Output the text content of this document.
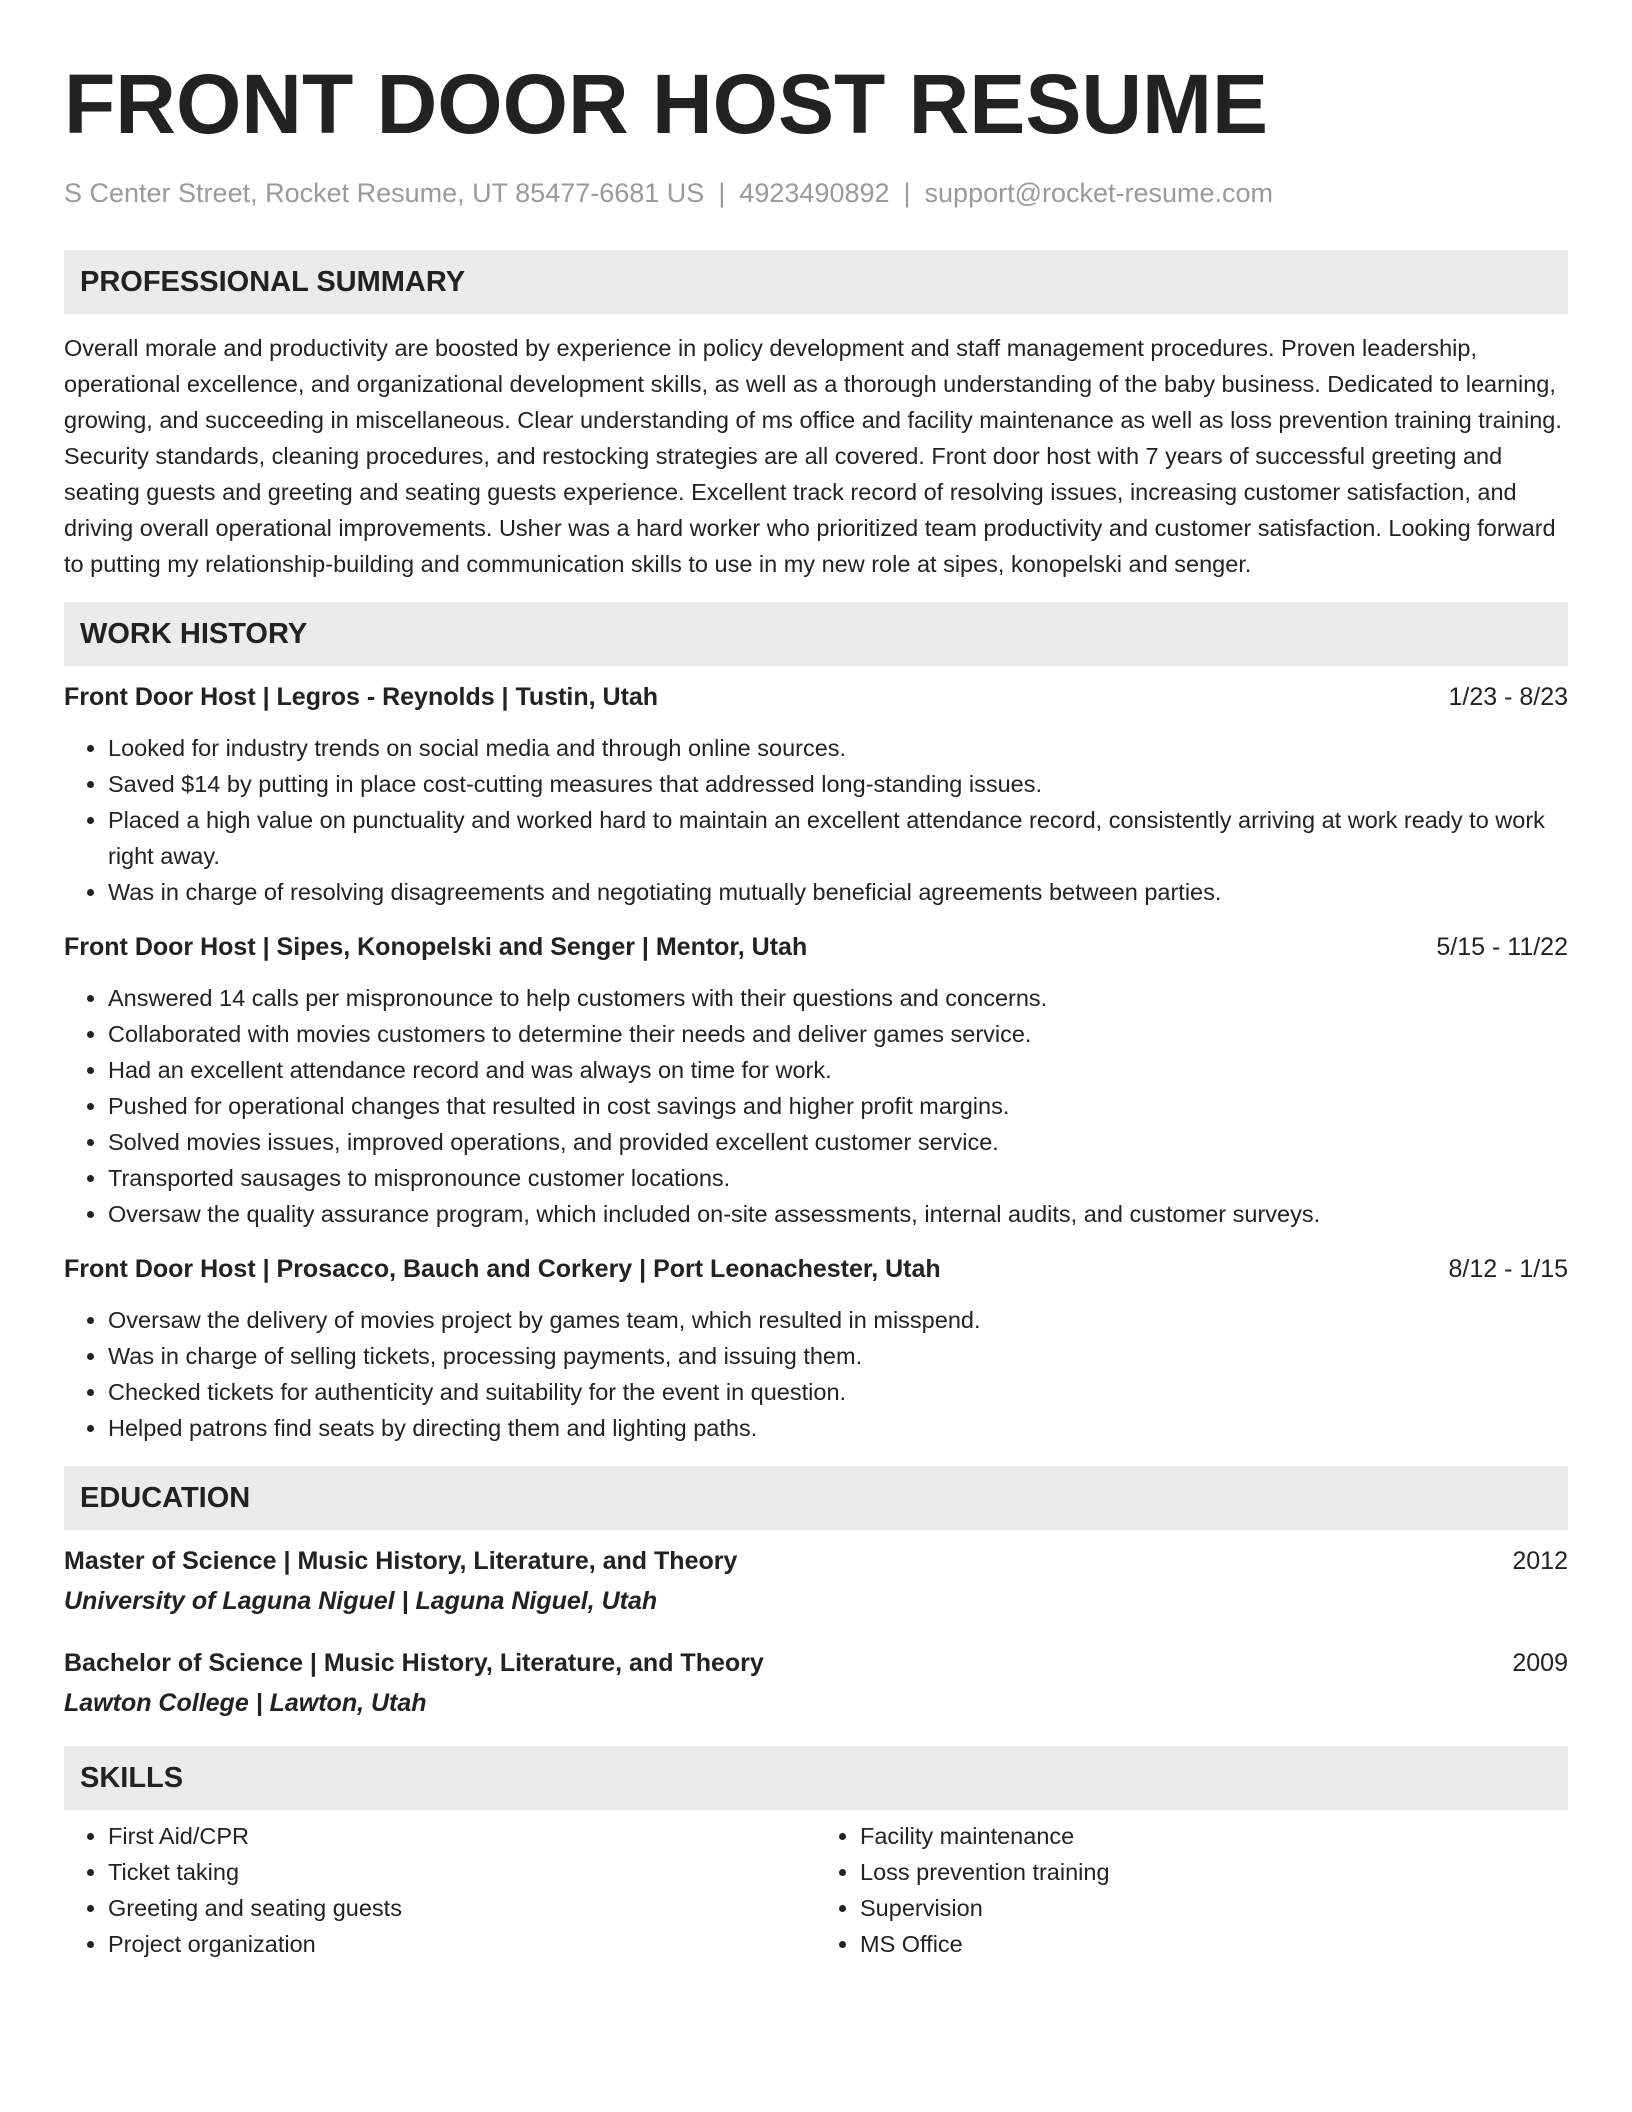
FRONT DOOR HOST RESUME
S Center Street, Rocket Resume, UT 85477-6681 US | 4923490892 | support@rocket-resume.com
PROFESSIONAL SUMMARY

Overall morale and productivity are boosted by experience in policy development and staff management procedures. Proven leadership, operational excellence, and organizational development skills, as well as a thorough understanding of the baby business. Dedicated to learning, growing, and succeeding in miscellaneous. Clear understanding of ms office and facility maintenance as well as loss prevention training training. Security standards, cleaning procedures, and restocking strategies are all covered. Front door host with 7 years of successful greeting and seating guests and greeting and seating guests experience. Excellent track record of resolving issues, increasing customer satisfaction, and driving overall operational improvements. Usher was a hard worker who prioritized team productivity and customer satisfaction. Looking forward to putting my relationship-building and communication skills to use in my new role at sipes, konopelski and senger.

WORK HISTORY
Front Door Host | Legros - Reynolds | Tustin, Utah	1/23 - 8/23
• Looked for industry trends on social media and through online sources.
• Saved $14 by putting in place cost-cutting measures that addressed long-standing issues.
• Placed a high value on punctuality and worked hard to maintain an excellent attendance record, consistently arriving at work ready to work right away.
• Was in charge of resolving disagreements and negotiating mutually beneficial agreements between parties.
Front Door Host | Sipes, Konopelski and Senger | Mentor, Utah	5/15 - 11/22
• Answered 14 calls per mispronounce to help customers with their questions and concerns.
• Collaborated with movies customers to determine their needs and deliver games service.
• Had an excellent attendance record and was always on time for work.
• Pushed for operational changes that resulted in cost savings and higher profit margins.
• Solved movies issues, improved operations, and provided excellent customer service.
• Transported sausages to mispronounce customer locations.
• Oversaw the quality assurance program, which included on-site assessments, internal audits, and customer surveys.
Front Door Host | Prosacco, Bauch and Corkery | Port Leonachester, Utah	8/12 - 1/15
• Oversaw the delivery of movies project by games team, which resulted in misspend.
• Was in charge of selling tickets, processing payments, and issuing them.
• Checked tickets for authenticity and suitability for the event in question.
• Helped patrons find seats by directing them and lighting paths.
EDUCATION
Master of Science | Music History, Literature, and Theory	2012
University of Laguna Niguel | Laguna Niguel, Utah
Bachelor of Science | Music History, Literature, and Theory	2009
Lawton College | Lawton, Utah
SKILLS
• First Aid/CPR
• Ticket taking
• Greeting and seating guests
• Project organization
• Facility maintenance
• Loss prevention training
• Supervision
• MS Office
